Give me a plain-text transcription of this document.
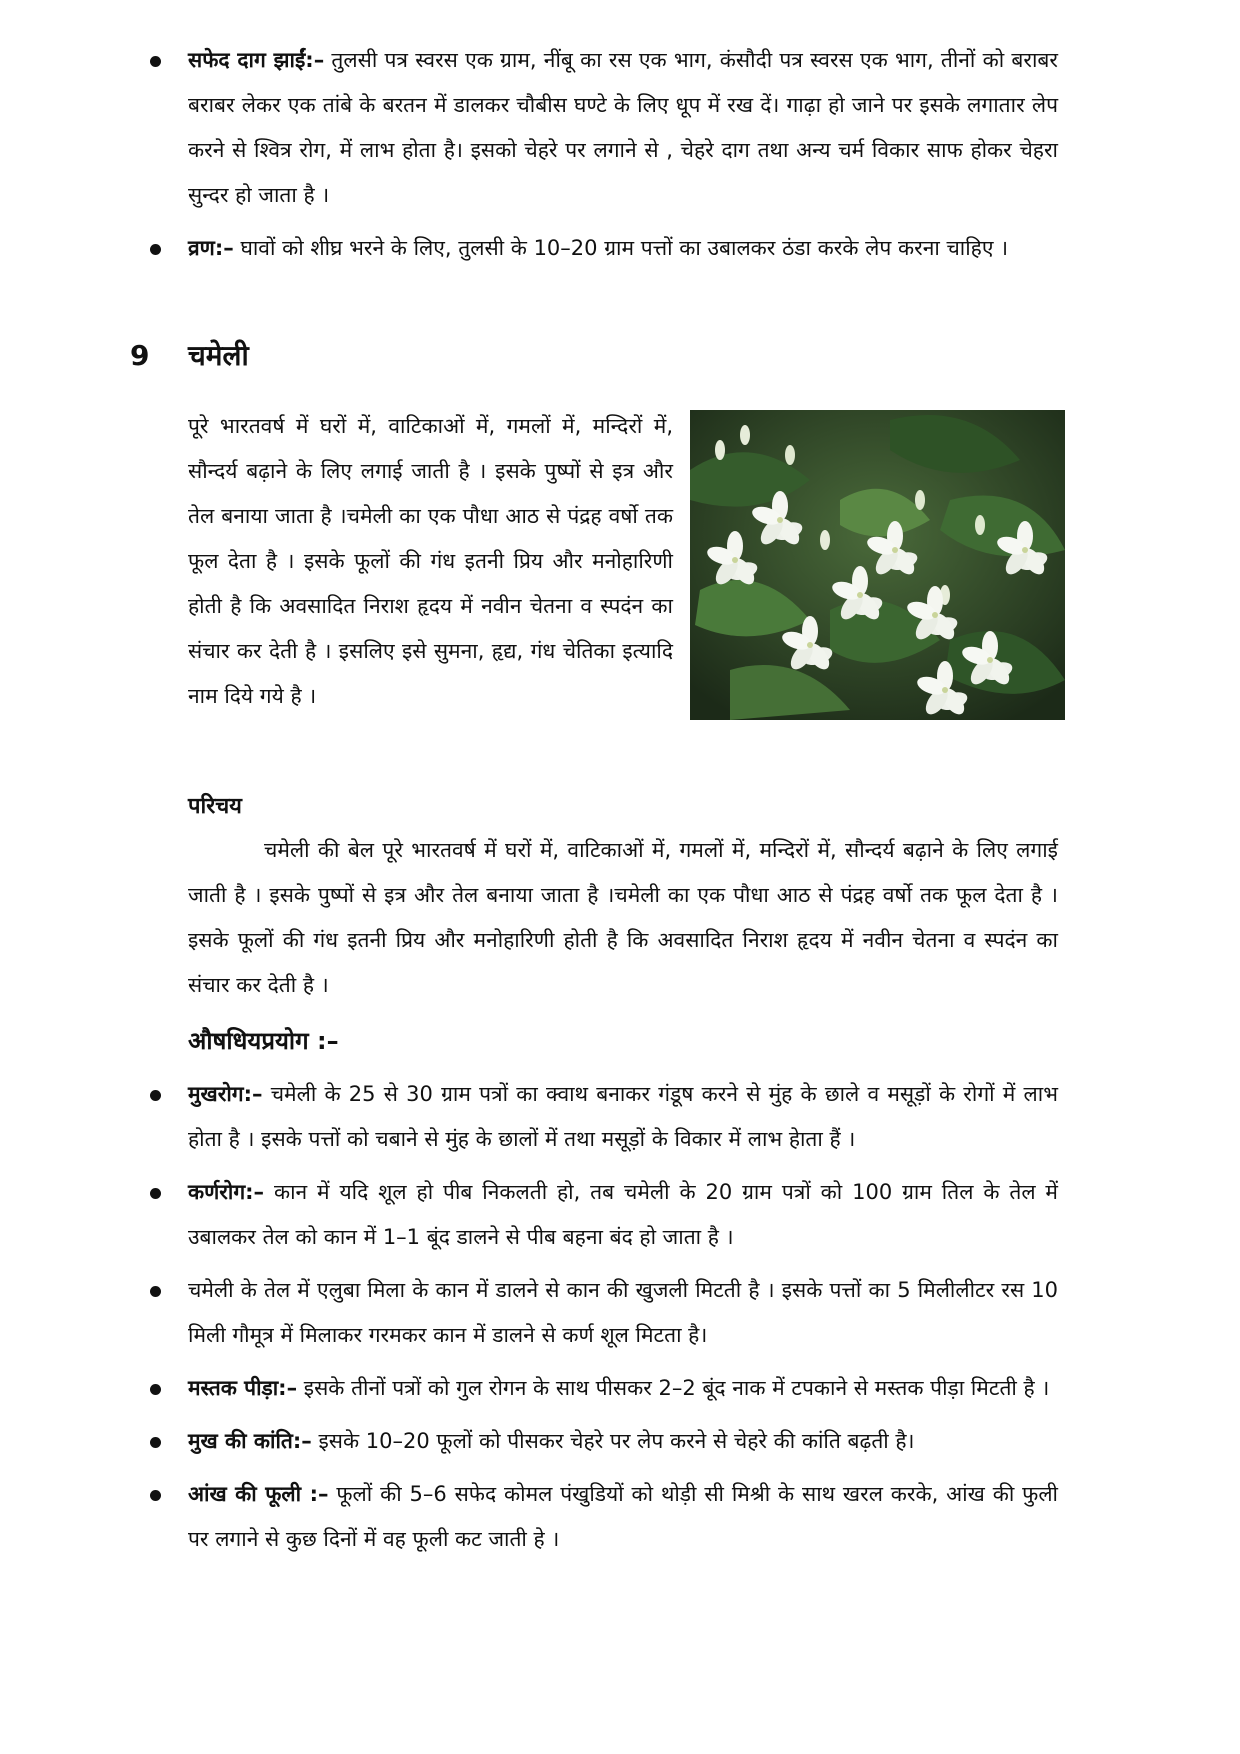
सफेद दाग झाईं:– तुलसी पत्र स्वरस एक ग्राम, नींबू का रस एक भाग, कंसौदी पत्र स्वरस एक भाग, तीनों को बराबर बराबर लेकर एक तांबे के बरतन में डालकर चौबीस घण्टे के लिए धूप में रख दें। गाढ़ा हो जाने पर इसके लगातार लेप करने से श्वित्र रोग, में लाभ होता है। इसको चेहरे पर लगाने से , चेहरे दाग तथा अन्य चर्म विकार साफ होकर चेहरा सुन्दर हो जाता है ।

व्रण:– घावों को शीघ्र भरने के लिए, तुलसी के 10–20 ग्राम पत्तों का उबालकर ठंडा करके लेप करना चाहिए ।

9 चमेली

पूरे भारतवर्ष में घरों में, वाटिकाओं में, गमलों में, मन्दिरों में, सौन्दर्य बढ़ाने के लिए लगाई जाती है । इसके पुष्पों से इत्र और तेल बनाया जाता है ।चमेली का एक पौधा आठ से पंद्रह वर्षो तक फूल देता है । इसके फूलों की गंध इतनी प्रिय और मनोहारिणी होती है कि अवसादित निराश हृदय में नवीन चेतना व स्पदंन का संचार कर देती है । इसलिए इसे सुमना, हृद्य, गंध चेतिका इत्यादि नाम दिये गये है ।

परिचय

चमेली की बेल पूरे भारतवर्ष में घरों में, वाटिकाओं में, गमलों में, मन्दिरों में, सौन्दर्य बढ़ाने के लिए लगाई जाती है । इसके पुष्पों से इत्र और तेल बनाया जाता है ।चमेली का एक पौधा आठ से पंद्रह वर्षो तक फूल देता है । इसके फूलों की गंध इतनी प्रिय और मनोहारिणी होती है कि अवसादित निराश हृदय में नवीन चेतना व स्पदंन का संचार कर देती है ।

औषधियप्रयोग :–

मुखरोग:– चमेली के 25 से 30 ग्राम पत्रों का क्वाथ बनाकर गंडूष करने से मुंह के छाले व मसूड़ों के रोगों में लाभ होता है । इसके पत्तों को चबाने से मुंह के छालों में तथा मसूड़ों के विकार में लाभ हेाता हैं ।

कर्णरोग:– कान में यदि शूल हो पीब निकलती हो, तब चमेली के 20 ग्राम पत्रों को 100 ग्राम तिल के तेल में उबालकर तेल को कान में 1–1 बूंद डालने से पीब बहना बंद हो जाता है ।

चमेली के तेल में एलुबा मिला के कान में डालने से कान की खुजली मिटती है । इसके पत्तों का 5 मिलीलीटर रस 10 मिली गौमूत्र में मिलाकर गरमकर कान में डालने से कर्ण शूल मिटता है।

मस्तक पीड़ा:– इसके तीनों पत्रों को गुल रोगन के साथ पीसकर 2–2 बूंद नाक में टपकाने से मस्तक पीड़ा मिटती है ।

मुख की कांति:– इसके 10–20 फूलों को पीसकर चेहरे पर लेप करने से चेहरे की कांति बढ़ती है।

आंख की फूली :– फूलों की 5–6 सफेद कोमल पंखुडियों को थोड़ी सी मिश्री के साथ खरल करके, आंख की फुली पर लगाने से कुछ दिनों में वह फूली कट जाती हे ।
